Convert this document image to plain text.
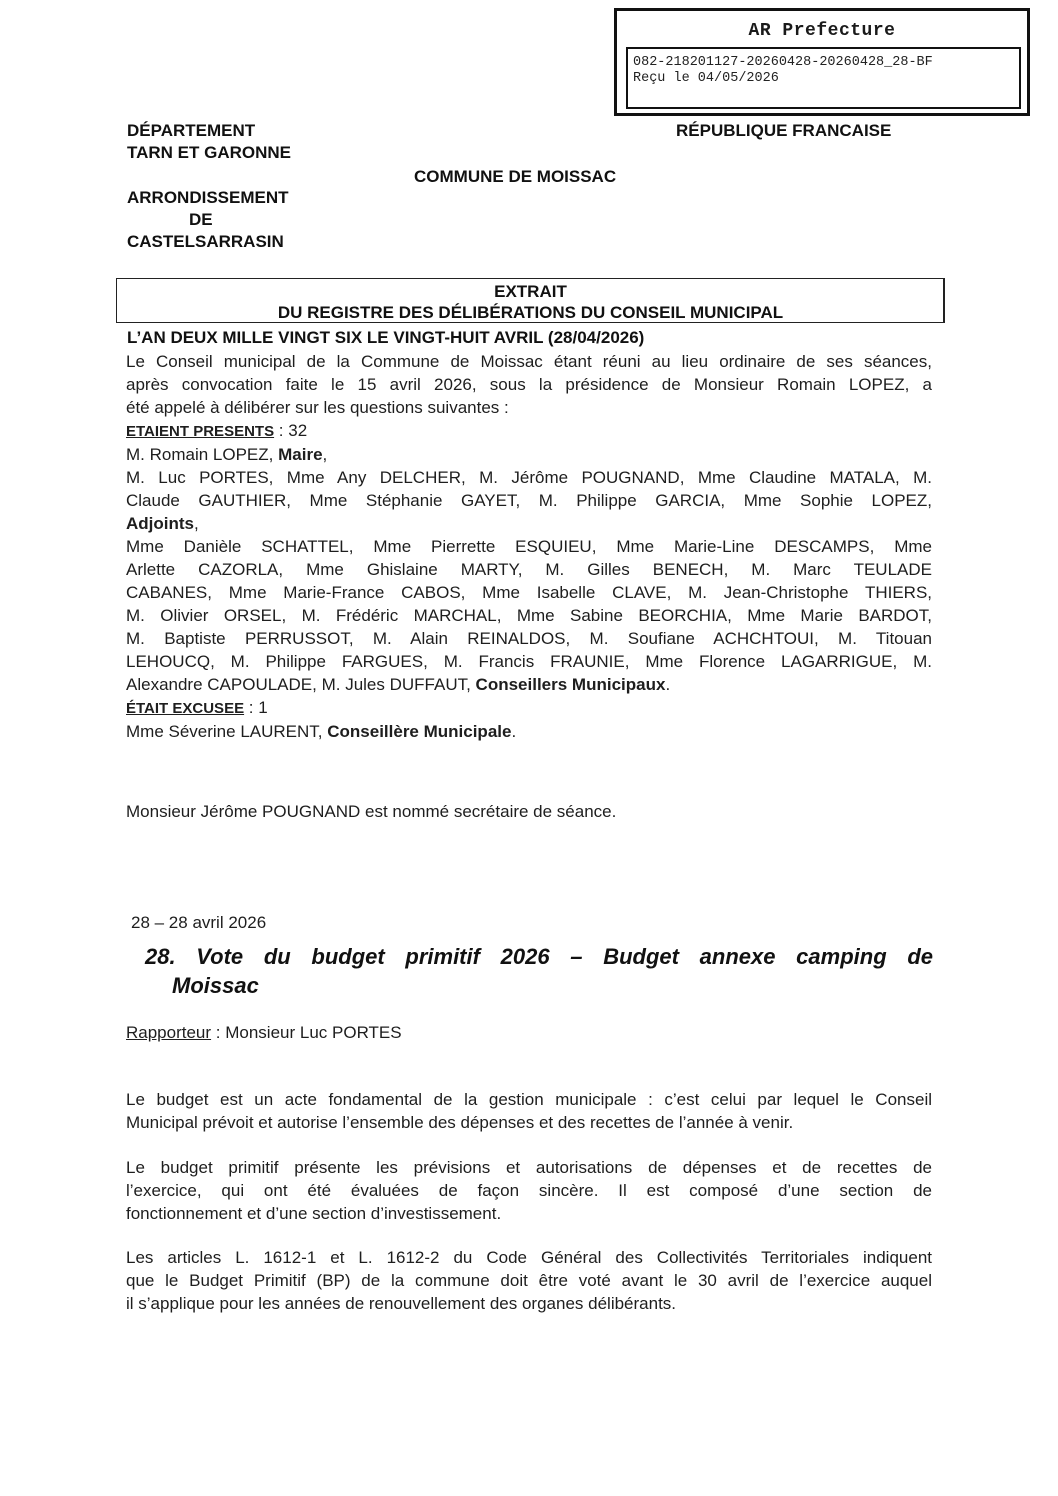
AR Prefecture
082-218201127-20260428-20260428_28-BF
Reçu le 04/05/2026
DÉPARTEMENT
TARN ET GARONNE
RÉPUBLIQUE FRANCAISE
COMMUNE DE MOISSAC
ARRONDISSEMENT
DE
CASTELSARRASIN
EXTRAIT
DU REGISTRE DES DÉLIBÉRATIONS DU CONSEIL MUNICIPAL
L’AN DEUX MILLE VINGT SIX LE VINGT-HUIT AVRIL (28/04/2026)
Le Conseil municipal de la Commune de Moissac étant réuni au lieu ordinaire de ses séances,
après convocation faite le 15 avril 2026, sous la présidence de Monsieur Romain LOPEZ, a
été appelé à délibérer sur les questions suivantes :
ETAIENT PRESENTS : 32
M. Romain LOPEZ, Maire,
M. Luc PORTES, Mme Any DELCHER, M. Jérôme POUGNAND, Mme Claudine MATALA, M.
Claude GAUTHIER, Mme Stéphanie GAYET, M. Philippe GARCIA, Mme Sophie LOPEZ,
Adjoints,
Mme Danièle SCHATTEL, Mme Pierrette ESQUIEU, Mme Marie-Line DESCAMPS, Mme
Arlette CAZORLA, Mme Ghislaine MARTY, M. Gilles BENECH, M. Marc TEULADE
CABANES, Mme Marie-France CABOS, Mme Isabelle CLAVE, M. Jean-Christophe THIERS,
M. Olivier ORSEL, M. Frédéric MARCHAL, Mme Sabine BEORCHIA, Mme Marie BARDOT,
M. Baptiste PERRUSSOT, M. Alain REINALDOS, M. Soufiane ACHCHTOUI, M. Titouan
LEHOUCQ, M. Philippe FARGUES, M. Francis FRAUNIE, Mme Florence LAGARRIGUE, M.
Alexandre CAPOULADE, M. Jules DUFFAUT, Conseillers Municipaux.
ÉTAIT EXCUSEE : 1
Mme Séverine LAURENT, Conseillère Municipale.
Monsieur Jérôme POUGNAND est nommé secrétaire de séance.
28 – 28 avril 2026
28. Vote du budget primitif 2026 – Budget annexe camping de
Moissac
Rapporteur : Monsieur Luc PORTES
Le budget est un acte fondamental de la gestion municipale : c’est celui par lequel le Conseil
Municipal prévoit et autorise l’ensemble des dépenses et des recettes de l’année à venir.
Le budget primitif présente les prévisions et autorisations de dépenses et de recettes de
l’exercice, qui ont été évaluées de façon sincère. Il est composé d’une section de
fonctionnement et d’une section d’investissement.
Les articles L. 1612-1 et L. 1612-2 du Code Général des Collectivités Territoriales indiquent
que le Budget Primitif (BP) de la commune doit être voté avant le 30 avril de l’exercice auquel
il s’applique pour les années de renouvellement des organes délibérants.
